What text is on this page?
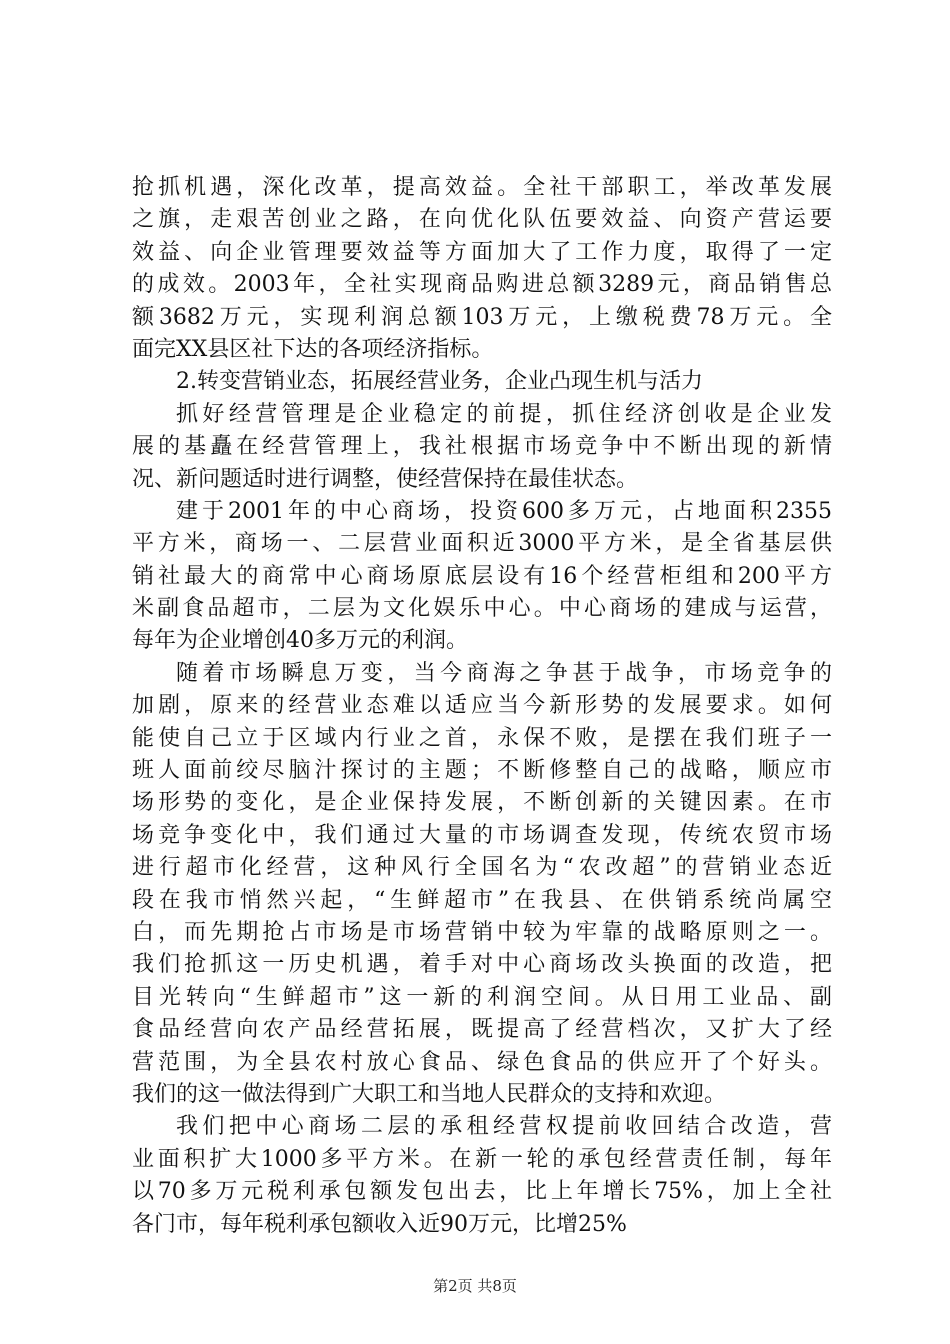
抢抓机遇，深化改革，提高效益。全社干部职工，举改革发展
之旗，走艰苦创业之路，在向优化队伍要效益、向资产营运要
效益、向企业管理要效益等方面加大了工作力度，取得了一定
的成效。2003年，全社实现商品购进总额3289元，商品销售总
额3682万元，实现利润总额103万元，上缴税费78万元。全
面完XX县区社下达的各项经济指标。
2.转变营销业态，拓展经营业务，企业凸现生机与活力
抓好经营管理是企业稳定的前提，抓住经济创收是企业发
展的基矗在经营管理上，我社根据市场竞争中不断出现的新情
况、新问题适时进行调整，使经营保持在最佳状态。
建于2001年的中心商场，投资600多万元，占地面积2355
平方米，商场一、二层营业面积近3000平方米，是全省基层供
销社最大的商常中心商场原底层设有16个经营柜组和200平方
米副食品超市，二层为文化娱乐中心。中心商场的建成与运营，
每年为企业增创40多万元的利润。
随着市场瞬息万变，当今商海之争甚于战争，市场竞争的
加剧，原来的经营业态难以适应当今新形势的发展要求。如何
能使自己立于区域内行业之首，永保不败，是摆在我们班子一
班人面前绞尽脑汁探讨的主题；不断修整自己的战略，顺应市
场形势的变化，是企业保持发展，不断创新的关键因素。在市
场竞争变化中，我们通过大量的市场调查发现，传统农贸市场
进行超市化经营，这种风行全国名为“农改超”的营销业态近
段在我市悄然兴起，“生鲜超市”在我县、在供销系统尚属空
白，而先期抢占市场是市场营销中较为牢靠的战略原则之一。
我们抢抓这一历史机遇，着手对中心商场改头换面的改造，把
目光转向“生鲜超市”这一新的利润空间。从日用工业品、副
食品经营向农产品经营拓展，既提高了经营档次，又扩大了经
营范围，为全县农村放心食品、绿色食品的供应开了个好头。
我们的这一做法得到广大职工和当地人民群众的支持和欢迎。
我们把中心商场二层的承租经营权提前收回结合改造，营
业面积扩大1000多平方米。在新一轮的承包经营责任制，每年
以70多万元税利承包额发包出去，比上年增长75%，加上全社
各门市，每年税利承包额收入近90万元，比增25%
第2页 共8页
